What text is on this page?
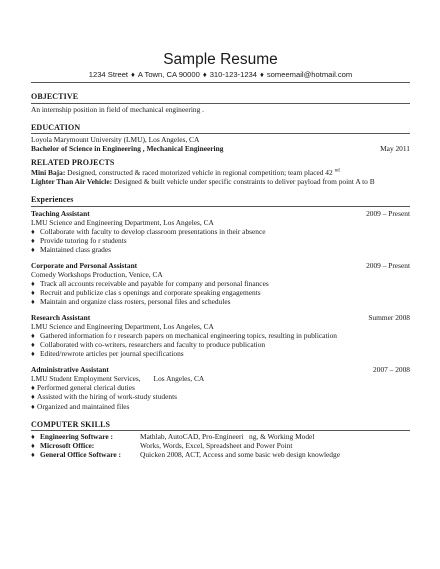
Sample Resume
1234 Street ♦ A Town, CA 90000 ♦ 310-123-1234 ♦ someemail@hotmail.com
OBJECTIVE
An internship position in field of mechanical engineering .
EDUCATION
Loyola Marymount University (LMU), Los Angeles, CA
Bachelor of Science in Engineering , Mechanical Engineering	May 2011
RELATED PROJECTS
Mini Baja: Designed, constructed & raced motorized vehicle in regional competition; team placed 42 $^{nd}$
Lighter Than Air Vehicle: Designed & built vehicle under specific constraints to deliver payload from point A to B
Experiences
Teaching Assistant	2009 – Present
LMU Science and Engineering Department, Los Angeles, CA
♦ Collaborate with faculty to develop classroom presentations in their absence
♦ Provide tutoring fo r students
♦ Maintained class grades
Corporate and Personal Assistant	2009 – Present
Comedy Workshops Production, Venice, CA
♦ Track all accounts receivable and payable for company and personal finances
♦ Recruit and publicize clas s openings and corporate speaking engagements
♦ Maintain and organize class rosters, personal files and schedules
Research Assistant	Summer 2008
LMU Science and Engineering Department, Los Angeles, CA
♦ Gathered information fo r research papers on mechanical engineering topics, resulting in publication
♦ Collaborated with co-writers, researchers and faculty to produce publication
♦ Edited/rewrote articles per journal specifications
Administrative Assistant	2007 – 2008
LMU Student Employment Services,       Los Angeles, CA
♦ Performed general clerical duties
♦ Assisted with the hiring of work-study students
♦ Organized and maintained files
COMPUTER SKILLS
♦ Engineering Software :	Mathlab, AutoCAD, Pro-Engineeri   ng, & Working Model
♦ Microsoft Office:	Works, Words, Excel, Spreadsheet and Power Point
♦ General Office Software :	Quicken 2008, ACT, Access and some basic web design knowledge
